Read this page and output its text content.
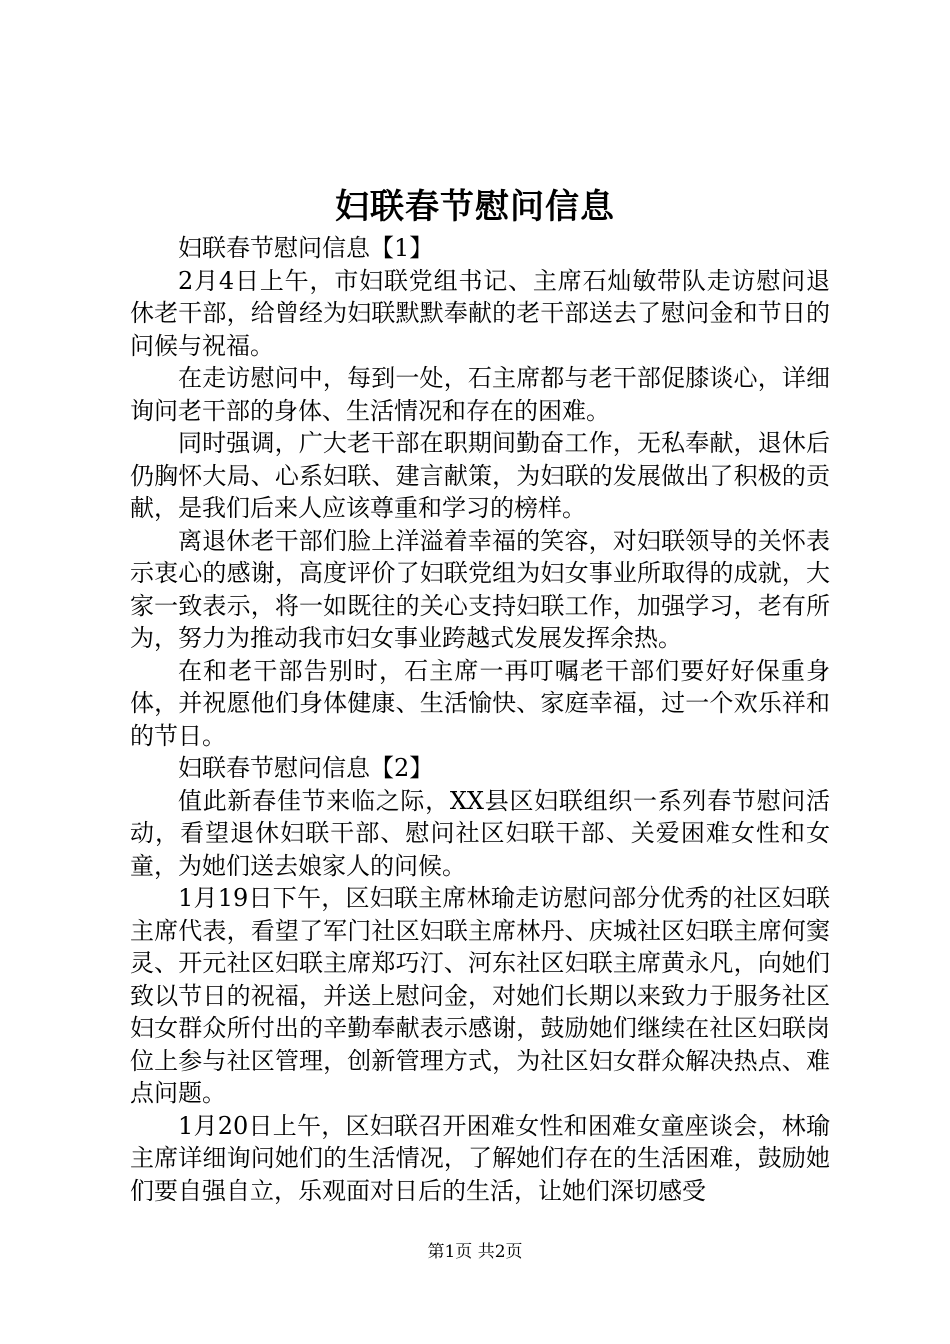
妇联春节慰问信息

妇联春节慰问信息【1】

2月4日上午，市妇联党组书记、主席石灿敏带队走访慰问退休老干部，给曾经为妇联默默奉献的老干部送去了慰问金和节日的问候与祝福。

在走访慰问中，每到一处，石主席都与老干部促膝谈心，详细询问老干部的身体、生活情况和存在的困难。

同时强调，广大老干部在职期间勤奋工作，无私奉献，退休后仍胸怀大局、心系妇联、建言献策，为妇联的发展做出了积极的贡献，是我们后来人应该尊重和学习的榜样。

离退休老干部们脸上洋溢着幸福的笑容，对妇联领导的关怀表示衷心的感谢，高度评价了妇联党组为妇女事业所取得的成就，大家一致表示，将一如既往的关心支持妇联工作，加强学习，老有所为，努力为推动我市妇女事业跨越式发展发挥余热。

在和老干部告别时，石主席一再叮嘱老干部们要好好保重身体，并祝愿他们身体健康、生活愉快、家庭幸福，过一个欢乐祥和的节日。

妇联春节慰问信息【2】

值此新春佳节来临之际，XX县区妇联组织一系列春节慰问活动，看望退休妇联干部、慰问社区妇联干部、关爱困难女性和女童，为她们送去娘家人的问候。

1月19日下午，区妇联主席林瑜走访慰问部分优秀的社区妇联主席代表，看望了军门社区妇联主席林丹、庆城社区妇联主席何窦灵、开元社区妇联主席郑巧汀、河东社区妇联主席黄永凡，向她们致以节日的祝福，并送上慰问金，对她们长期以来致力于服务社区妇女群众所付出的辛勤奉献表示感谢，鼓励她们继续在社区妇联岗位上参与社区管理，创新管理方式，为社区妇女群众解决热点、难点问题。

1月20日上午，区妇联召开困难女性和困难女童座谈会，林瑜主席详细询问她们的生活情况，了解她们存在的生活困难，鼓励她们要自强自立，乐观面对日后的生活，让她们深切感受

第1页 共2页
